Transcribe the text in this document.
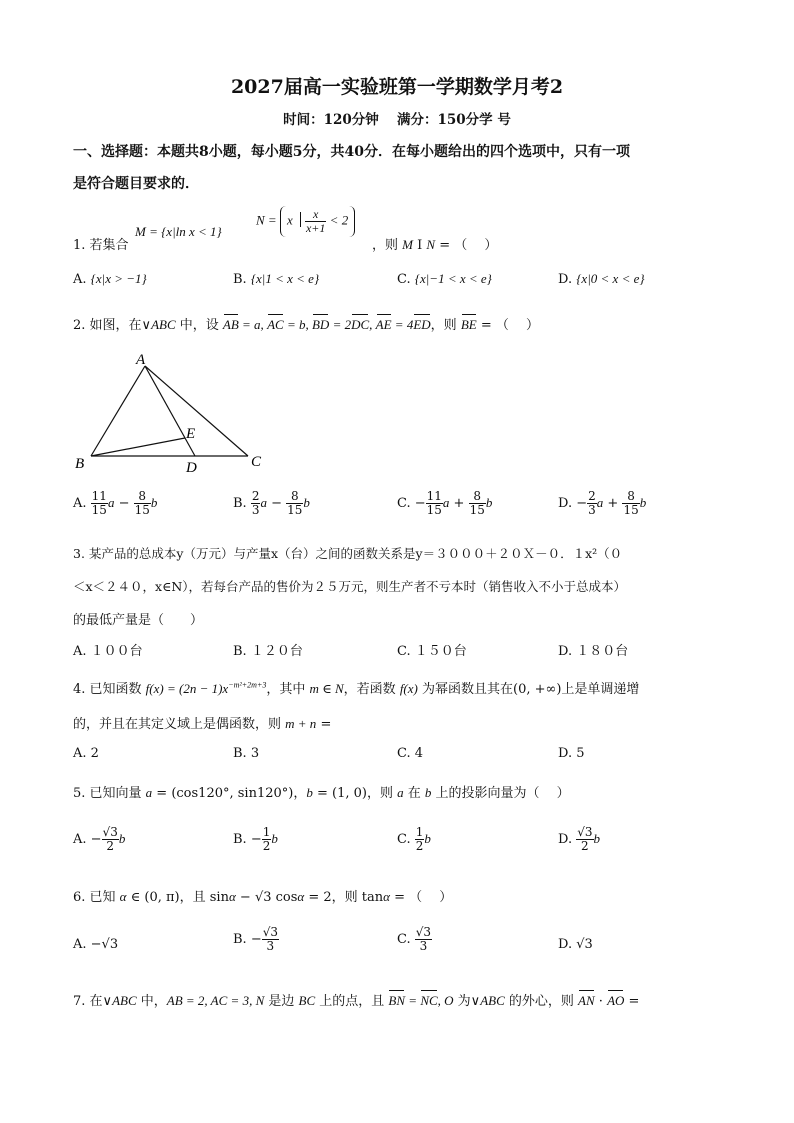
2027届高一实验班第一学期数学月考2
时间：120分钟　 满分：150分学 号
一、选择题：本题共8小题，每小题5分，共40分．在每小题给出的四个选项中，只有一项
是符合题目要求的．
1. 若集合
M = {x|ln x < 1}
N = x $\frac{x}{x+1} < 2$
，则 M I N = （　 ）
A. {x|x > −1}	B. {x|1 < x < e}	C. {x|−1 < x < e}	D. {x|0 < x < e}
2. 如图，在∨ABC 中，设 AB = a, AC = b, BD = 2DC, AE = 4ED，则 BE = （　 ）
A
B	C
D
E
A. $\frac{11}{15}$ $a - \frac{8}{15}$ b	B. $\frac{2}{3}$ $a - \frac{8}{15}$ b	C. − $\frac{11}{15}$ $a + \frac{8}{15}$ b	D. − $\frac{2}{3}$ $a + \frac{8}{15}$ b
3. 某产品的总成本y（万元）与产量x（台）之间的函数关系是y＝３０００＋２０Ｘ－０．１x²（０
＜x＜２４０，x∈N），若每台产品的售价为２５万元，则生产者不亏本时（销售收入不小于总成本）
的最低产量是（　　）
A. １００台	B. １２０台	C. １５０台	D. １８０台
4. 已知函数 $f(x) = (2n - 1)x^{-m^2+2m+3}$，其中 m ∈ N，若函数 f(x) 为幂函数且其在(0, +∞)上是单调递增
的，并且在其定义域上是偶函数，则 m + n =
A. 2	B. 3	C. 4	D. 5
5. 已知向量 a = (cos120°, sin120°)，b = (1, 0)，则 a 在 b 上的投影向量为（　 ）
A. − $\frac{√3}{2}$ b	B. − $\frac{1}{2}$ b	C. $\frac{1}{2}$ b	D. $\frac{√3}{2}$ b
6. 已知 α ∈ (0, π)，且 sinα − √3 cosα = 2，则 tanα = （　 ）
A. −√3	B. − $\frac{√3}{3}$	C. $\frac{√3}{3}$	D. √3
7. 在∨ABC 中，AB = 2, AC = 3, N 是边 BC 上的点，且 BN = NC, O 为∨ABC 的外心，则 AN · AO =
